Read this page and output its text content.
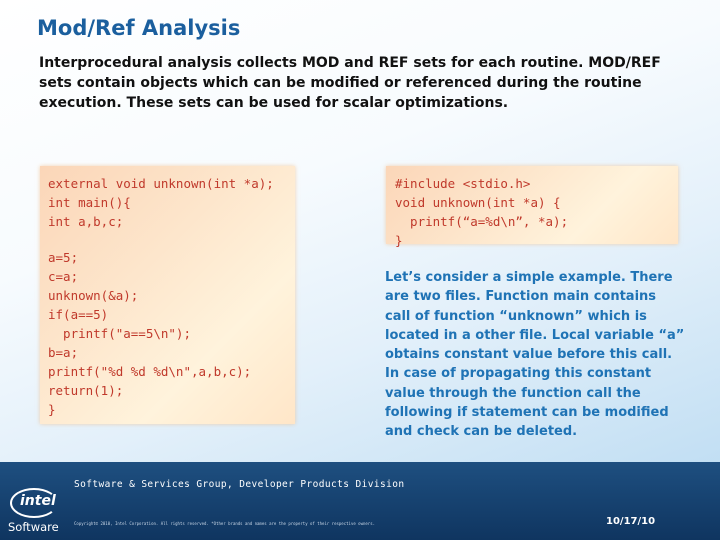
Mod/Ref Analysis
Interprocedural analysis collects MOD and REF sets for each routine. MOD/REF sets contain objects which can be modified or referenced during the routine execution. These sets can be used for scalar optimizations.
external void unknown(int *a);
int main(){
int a,b,c;
a=5;
c=a;
unknown(&a);
if(a==5)
printf("a==5\n");
b=a;
printf("%d %d %d\n",a,b,c);
return(1);
}
#include <stdio.h>
void unknown(int *a) {
printf(“a=%d\n”, *a);
}
Let’s consider a simple example. There are two files. Function main contains call of function “unknown” which is located in a other file. Local variable “a” obtains constant value before this call. In case of propagating this constant value through the function call the following if statement can be modified and check can be deleted.
intel
Software
Software & Services Group, Developer Products Division
Copyright© 2010, Intel Corporation. All rights reserved. *Other brands and names are the property of their respective owners.	10/17/10
